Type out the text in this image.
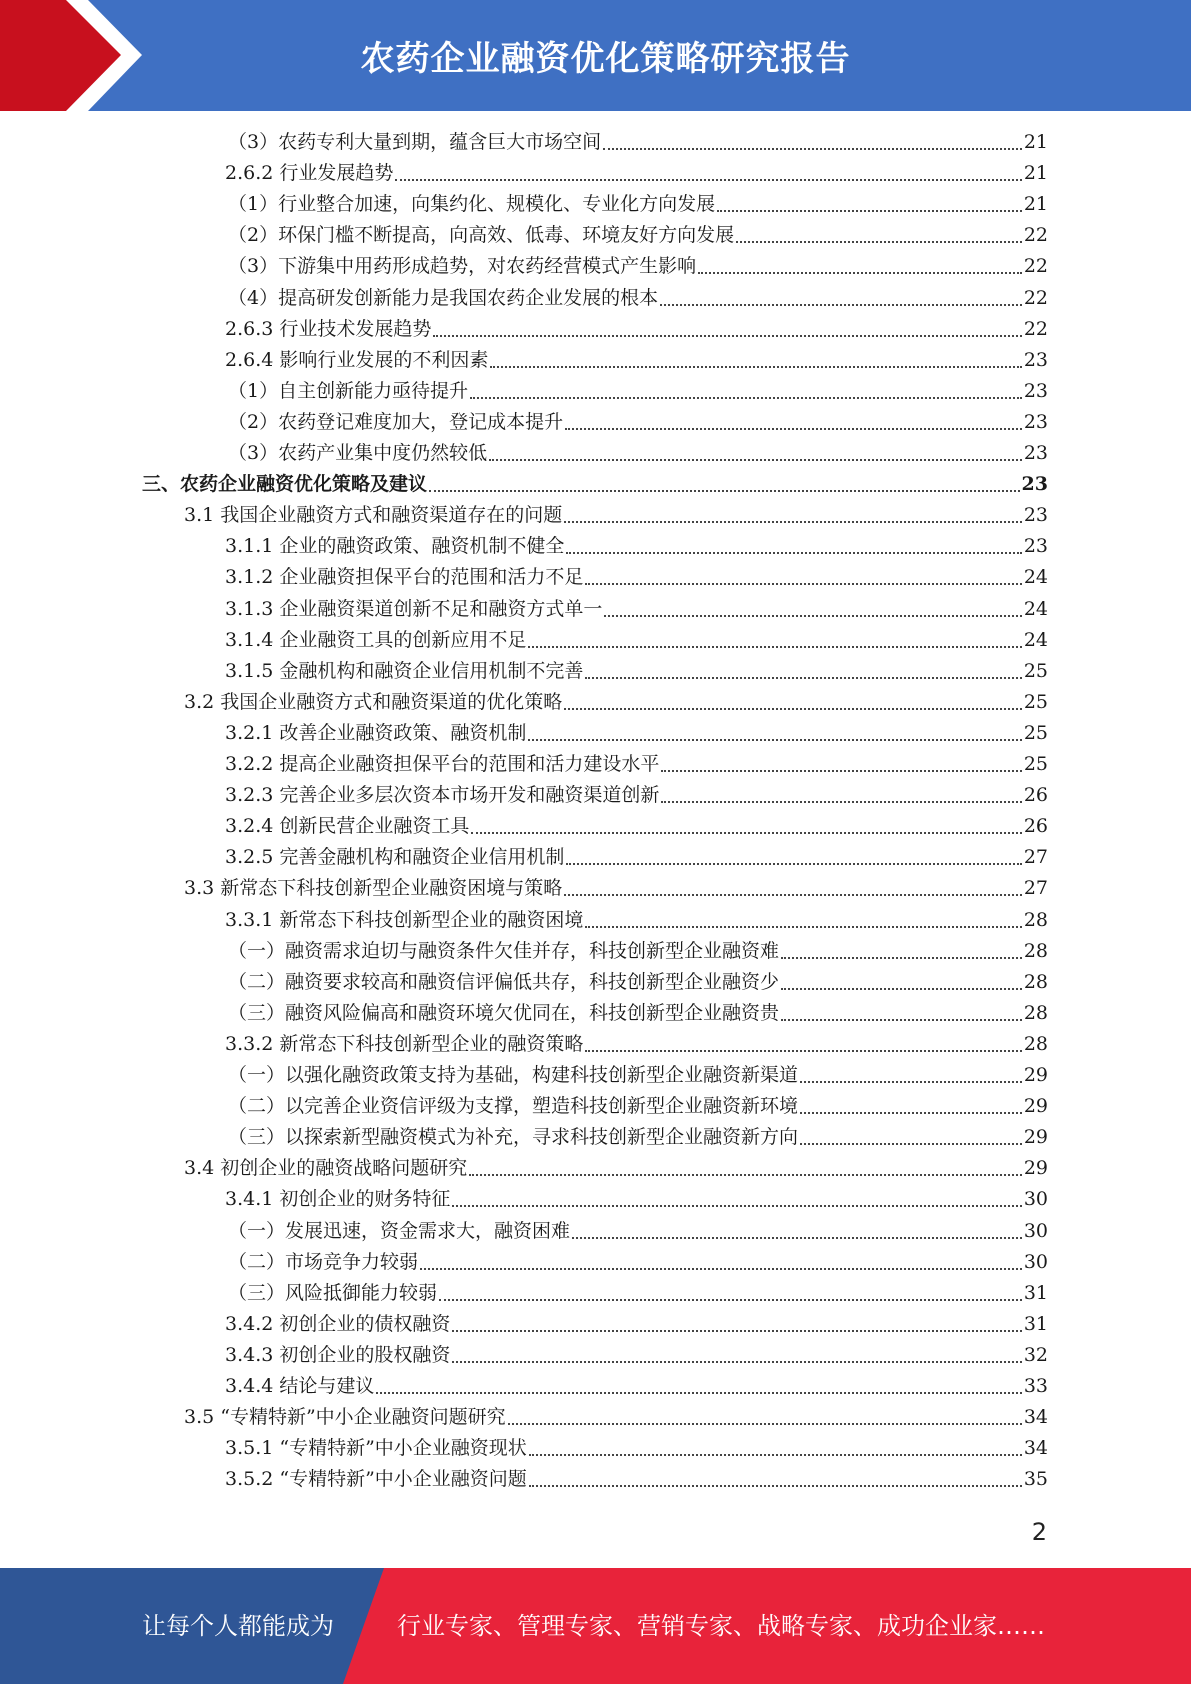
农药企业融资优化策略研究报告
（3）农药专利大量到期，蕴含巨大市场空间	21
2.6.2 行业发展趋势	21
（1）行业整合加速，向集约化、规模化、专业化方向发展	21
（2）环保门槛不断提高，向高效、低毒、环境友好方向发展	22
（3）下游集中用药形成趋势，对农药经营模式产生影响	22
（4）提高研发创新能力是我国农药企业发展的根本	22
2.6.3 行业技术发展趋势	22
2.6.4 影响行业发展的不利因素	23
（1）自主创新能力亟待提升	23
（2）农药登记难度加大，登记成本提升	23
（3）农药产业集中度仍然较低	23
三、农药企业融资优化策略及建议	23
3.1 我国企业融资方式和融资渠道存在的问题	23
3.1.1 企业的融资政策、融资机制不健全	23
3.1.2 企业融资担保平台的范围和活力不足	24
3.1.3 企业融资渠道创新不足和融资方式单一	24
3.1.4 企业融资工具的创新应用不足	24
3.1.5 金融机构和融资企业信用机制不完善	25
3.2 我国企业融资方式和融资渠道的优化策略	25
3.2.1 改善企业融资政策、融资机制	25
3.2.2 提高企业融资担保平台的范围和活力建设水平	25
3.2.3 完善企业多层次资本市场开发和融资渠道创新	26
3.2.4 创新民营企业融资工具	26
3.2.5 完善金融机构和融资企业信用机制	27
3.3 新常态下科技创新型企业融资困境与策略	27
3.3.1 新常态下科技创新型企业的融资困境	28
（一）融资需求迫切与融资条件欠佳并存，科技创新型企业融资难	28
（二）融资要求较高和融资信评偏低共存，科技创新型企业融资少	28
（三）融资风险偏高和融资环境欠优同在，科技创新型企业融资贵	28
3.3.2 新常态下科技创新型企业的融资策略	28
（一）以强化融资政策支持为基础，构建科技创新型企业融资新渠道	29
（二）以完善企业资信评级为支撑，塑造科技创新型企业融资新环境	29
（三）以探索新型融资模式为补充，寻求科技创新型企业融资新方向	29
3.4 初创企业的融资战略问题研究	29
3.4.1 初创企业的财务特征	30
（一）发展迅速，资金需求大，融资困难	30
（二）市场竞争力较弱	30
（三）风险抵御能力较弱	31
3.4.2 初创企业的债权融资	31
3.4.3 初创企业的股权融资	32
3.4.4 结论与建议	33
3.5 “专精特新”中小企业融资问题研究	34
3.5.1 “专精特新”中小企业融资现状	34
3.5.2 “专精特新”中小企业融资问题	35
2
让每个人都能成为	行业专家、管理专家、营销专家、战略专家、成功企业家……
